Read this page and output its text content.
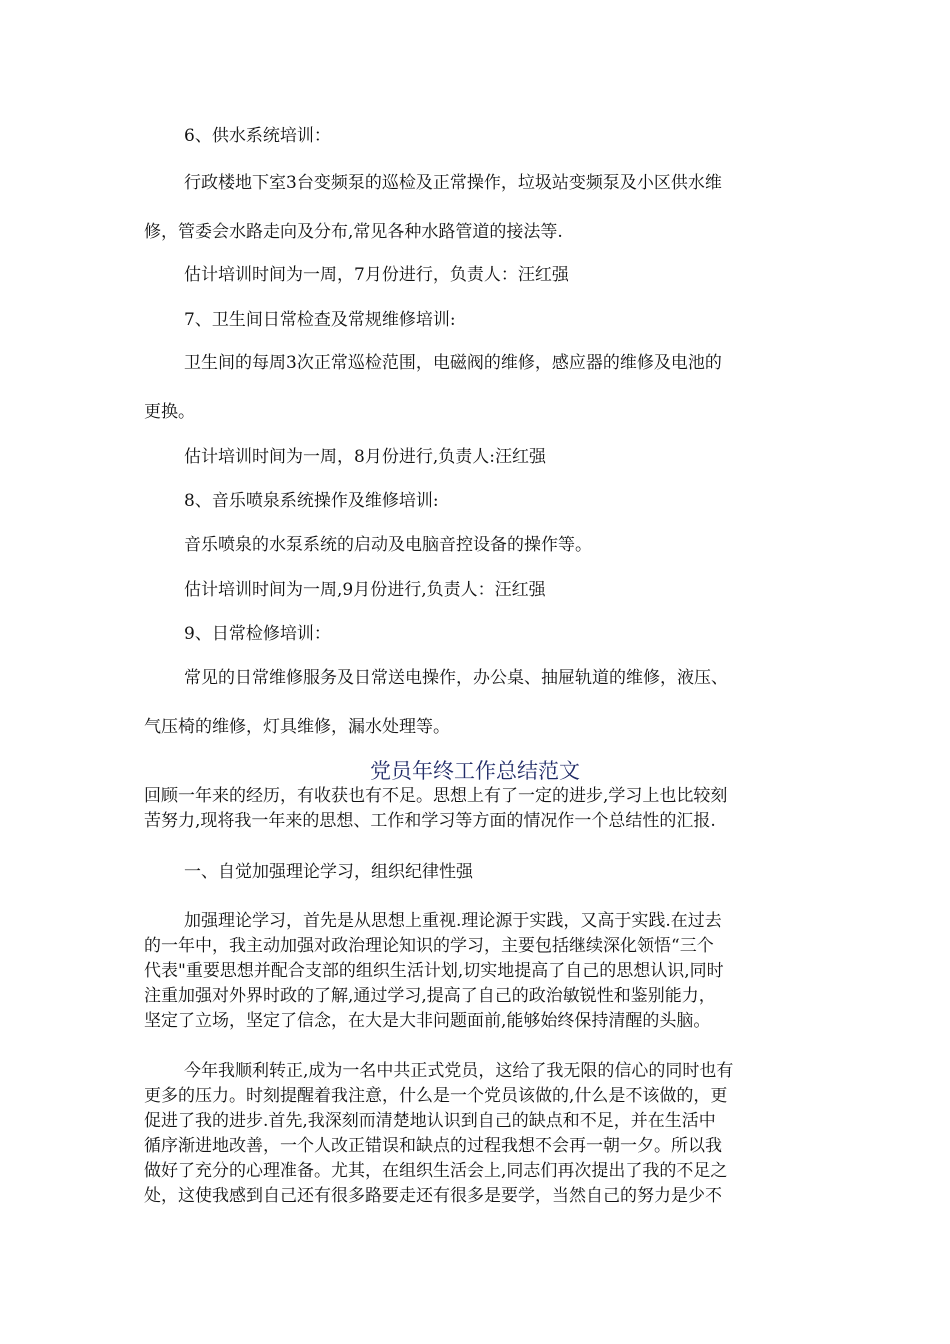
6、供水系统培训：
行政楼地下室3台变频泵的巡检及正常操作，垃圾站变频泵及小区供水维
修，管委会水路走向及分布,常见各种水路管道的接法等.
估计培训时间为一周，7月份进行，负责人：汪红强
7、卫生间日常检查及常规维修培训:
卫生间的每周3次正常巡检范围，电磁阀的维修，感应器的维修及电池的
更换。
估计培训时间为一周，8月份进行,负责人:汪红强
8、音乐喷泉系统操作及维修培训:
音乐喷泉的水泵系统的启动及电脑音控设备的操作等。
估计培训时间为一周,9月份进行,负责人：汪红强
9、日常检修培训：
常见的日常维修服务及日常送电操作，办公桌、抽屉轨道的维修，液压、
气压椅的维修，灯具维修，漏水处理等。
党员年终工作总结范文
回顾一年来的经历，有收获也有不足。思想上有了一定的进步,学习上也比较刻
苦努力,现将我一年来的思想、工作和学习等方面的情况作一个总结性的汇报.
一、自觉加强理论学习，组织纪律性强
加强理论学习，首先是从思想上重视.理论源于实践，又高于实践.在过去
的一年中，我主动加强对政治理论知识的学习，主要包括继续深化领悟“三个
代表"重要思想并配合支部的组织生活计划,切实地提高了自己的思想认识,同时
注重加强对外界时政的了解,通过学习,提高了自己的政治敏锐性和鉴别能力，
坚定了立场，坚定了信念，在大是大非问题面前,能够始终保持清醒的头脑。
今年我顺利转正,成为一名中共正式党员，这给了我无限的信心的同时也有
更多的压力。时刻提醒着我注意，什么是一个党员该做的,什么是不该做的，更
促进了我的进步.首先,我深刻而清楚地认识到自己的缺点和不足，并在生活中
循序渐进地改善，一个人改正错误和缺点的过程我想不会再一朝一夕。所以我
做好了充分的心理准备。尤其，在组织生活会上,同志们再次提出了我的不足之
处，这使我感到自己还有很多路要走还有很多是要学，当然自己的努力是少不
